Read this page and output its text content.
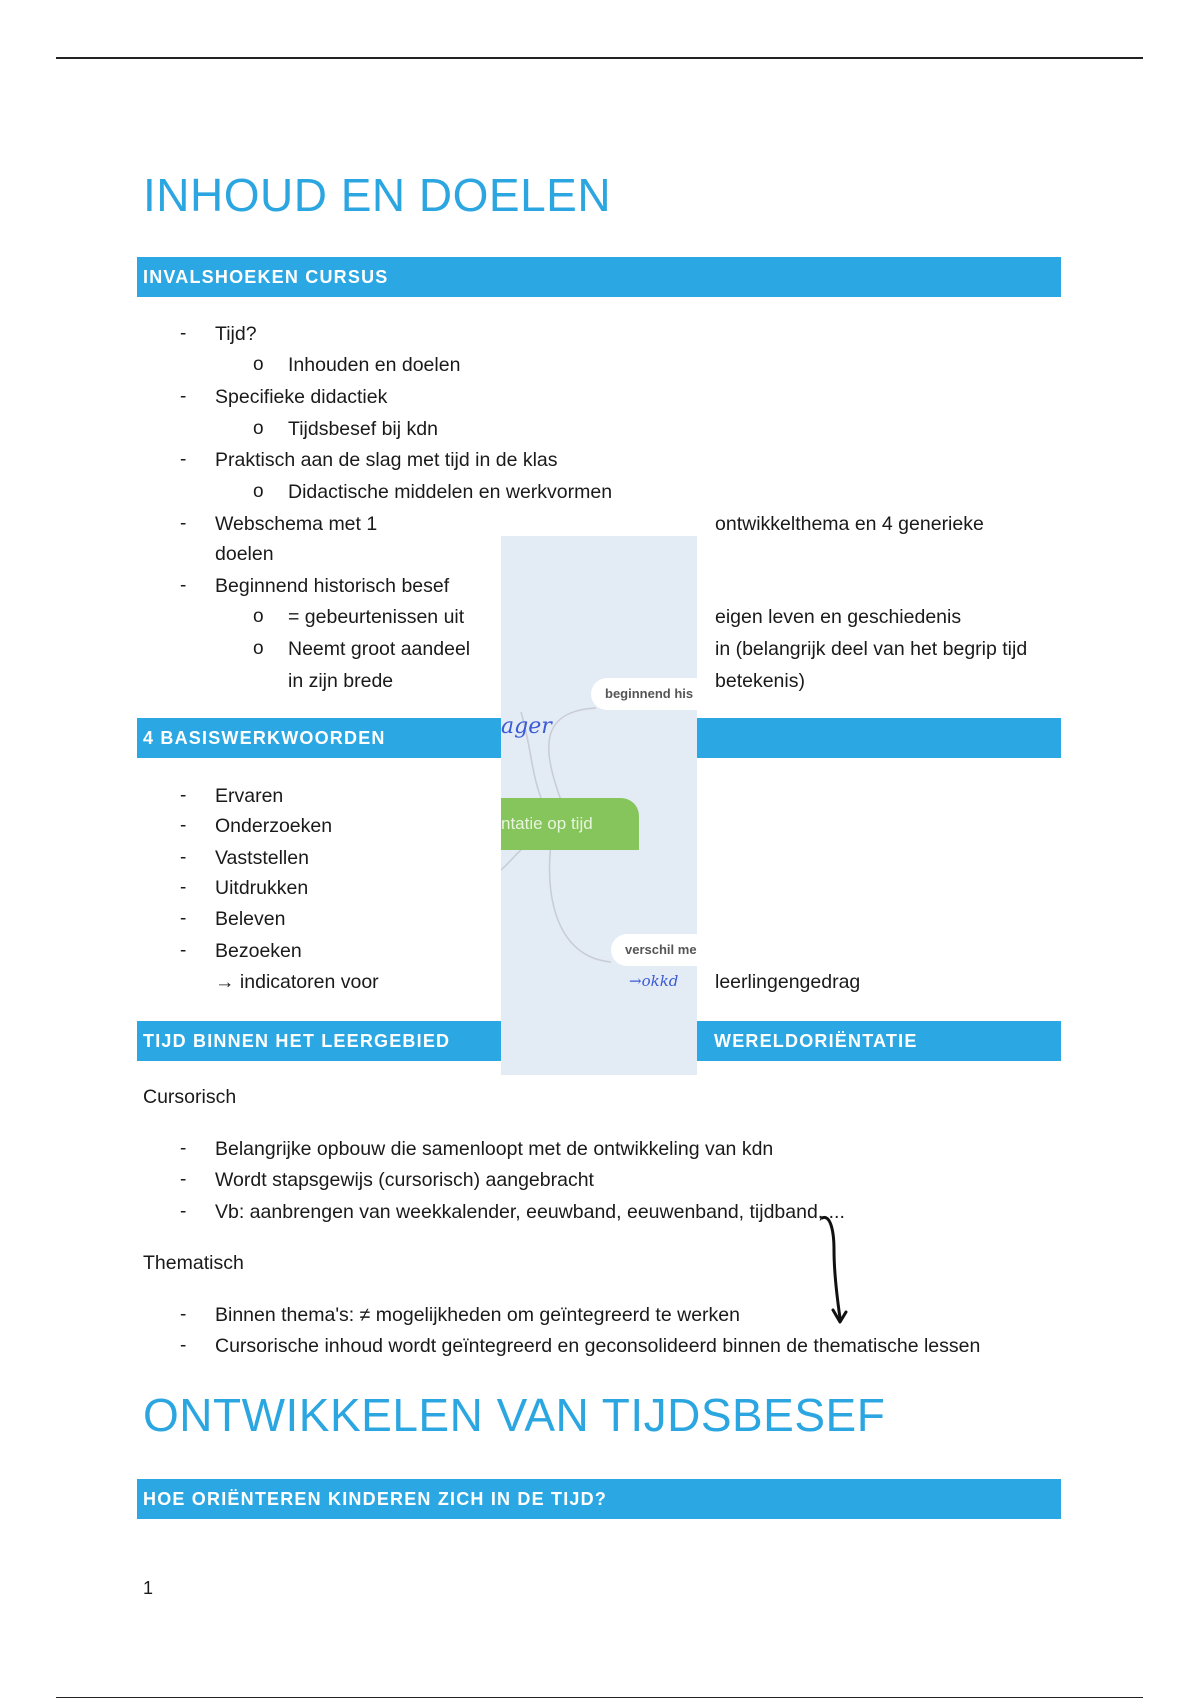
INHOUD EN DOELEN
INVALSHOEKEN CURSUS
- Tijd?
o Inhouden en doelen
- Specifieke didactiek
o Tijdsbesef bij kdn
- Praktisch aan de slag met tijd in de klas
o Didactische middelen en werkvormen
- Webschema met 1	ontwikkelthema en 4 generieke
doelen
- Beginnend historisch besef
o = gebeurtenissen uit	eigen leven en geschiedenis
o Neemt groot aandeel	in (belangrijk deel van het begrip tijd
in zijn brede	betekenis)
4 BASISWERKWOORDEN
- Ervaren
- Onderzoeken
- Vaststellen
- Uitdrukken
- Beleven
- Bezoeken
→ indicatoren voor	leerlingengedrag
TIJD BINNEN HET LEERGEBIED	WERELDORIËNTATIE
Cursorisch
- Belangrijke opbouw die samenloopt met de ontwikkeling van kdn
- Wordt stapsgewijs (cursorisch) aangebracht
- Vb: aanbrengen van weekkalender, eeuwband, eeuwenband, tijdband, ...
Thematisch
- Binnen thema's: ≠ mogelijkheden om geïntegreerd te werken
- Cursorische inhoud wordt geïntegreerd en geconsolideerd binnen de thematische lessen
ONTWIKKELEN VAN TIJDSBESEF
HOE ORIËNTEREN KINDEREN ZICH IN DE TIJD?
1
ntatie op tijd
beginnend his
verschil me
ager
→okkd
